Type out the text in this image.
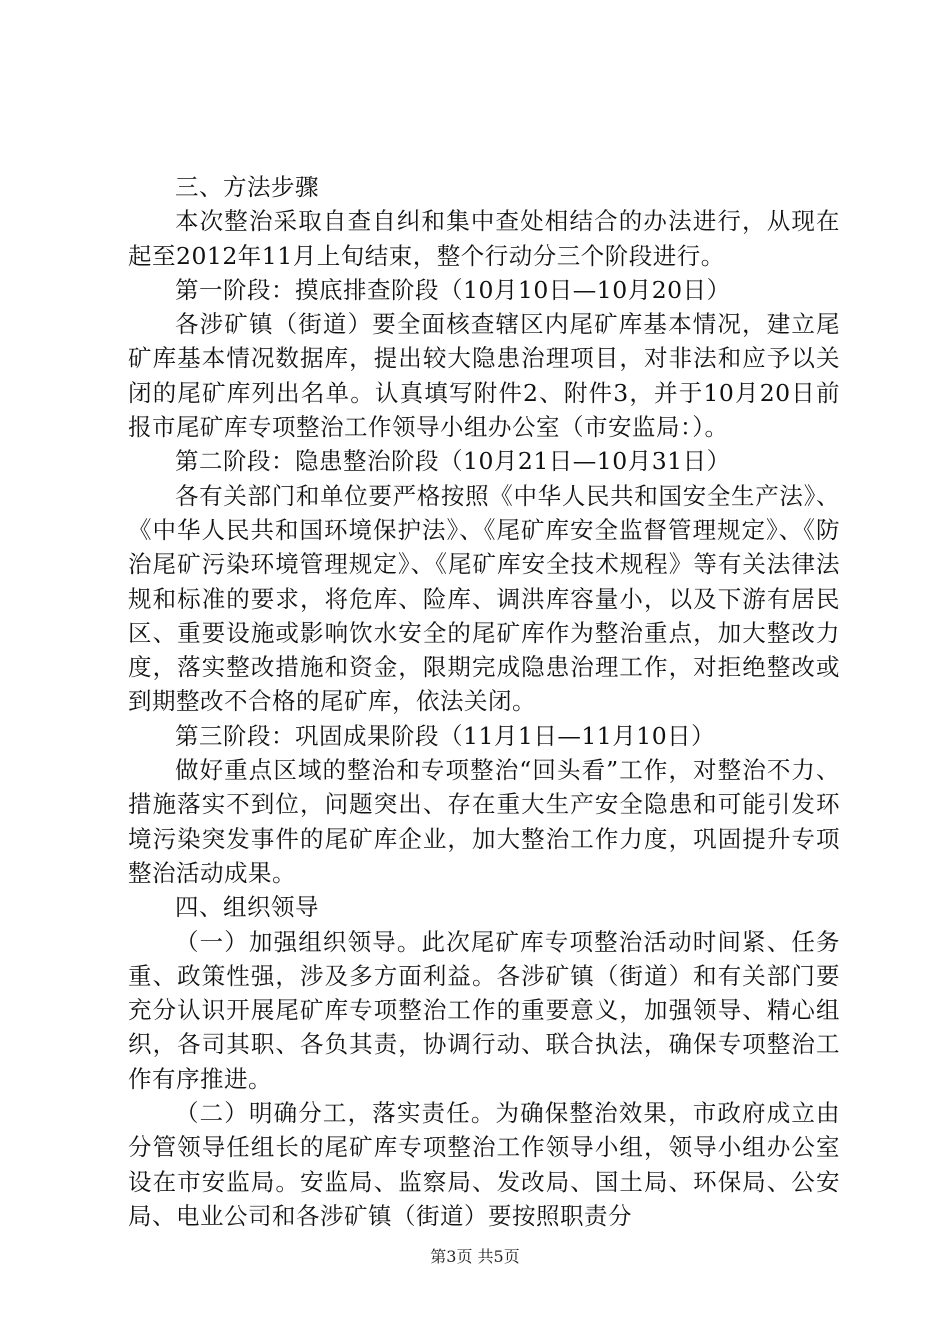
三、方法步骤

本次整治采取自查自纠和集中查处相结合的办法进行，从现在起至2012年11月上旬结束，整个行动分三个阶段进行。

第一阶段：摸底排查阶段（10月10日—10月20日）

各涉矿镇（街道）要全面核查辖区内尾矿库基本情况，建立尾矿库基本情况数据库，提出较大隐患治理项目，对非法和应予以关闭的尾矿库列出名单。认真填写附件2、附件3，并于10月20日前报市尾矿库专项整治工作领导小组办公室（市安监局：）。

第二阶段：隐患整治阶段（10月21日—10月31日）

各有关部门和单位要严格按照《中华人民共和国安全生产法》、《中华人民共和国环境保护法》、《尾矿库安全监督管理规定》、《防治尾矿污染环境管理规定》、《尾矿库安全技术规程》等有关法律法规和标准的要求，将危库、险库、调洪库容量小，以及下游有居民区、重要设施或影响饮水安全的尾矿库作为整治重点，加大整改力度，落实整改措施和资金，限期完成隐患治理工作，对拒绝整改或到期整改不合格的尾矿库，依法关闭。

第三阶段：巩固成果阶段（11月1日—11月10日）

做好重点区域的整治和专项整治“回头看”工作，对整治不力、措施落实不到位，问题突出、存在重大生产安全隐患和可能引发环境污染突发事件的尾矿库企业，加大整治工作力度，巩固提升专项整治活动成果。

四、组织领导

（一）加强组织领导。此次尾矿库专项整治活动时间紧、任务重、政策性强，涉及多方面利益。各涉矿镇（街道）和有关部门要充分认识开展尾矿库专项整治工作的重要意义，加强领导、精心组织，各司其职、各负其责，协调行动、联合执法，确保专项整治工作有序推进。

（二）明确分工，落实责任。为确保整治效果，市政府成立由分管领导任组长的尾矿库专项整治工作领导小组，领导小组办公室设在市安监局。安监局、监察局、发改局、国土局、环保局、公安局、电业公司和各涉矿镇（街道）要按照职责分

第3页 共5页
